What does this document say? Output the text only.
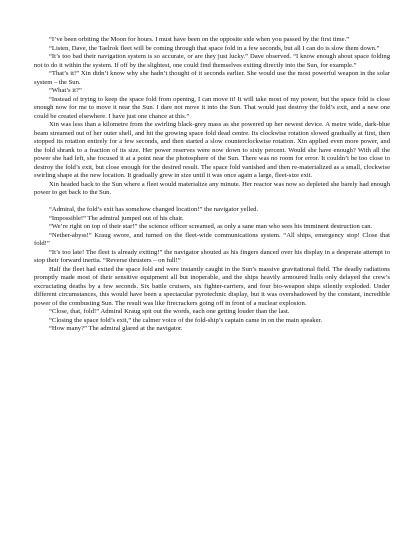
“I’ve been orbiting the Moon for hours. I must have been on the opposite side when you passed by the first time.”

“Listen, Dave, the Taelrok fleet will be coming through that space fold in a few seconds, but all I can do is slow them down.”

“It’s too bad their navigation system is so accurate, or are they just lucky.” Dave observed. “I know enough about space folding not to do it within the system. If off by the slightest, one could find themselves exiting directly into the Sun, for example.”

“That’s it!” Xin didn’t know why she hadn’t thought of it seconds earlier. She would use the most powerful weapon in the solar system – the Sun.

“What’s it?”

“Instead of trying to keep the space fold from opening, I can move it! It will take most of my power, but the space fold is close enough now for me to move it near the Sun. I dare not move it into the Sun. That would just destroy the fold’s exit, and a new one could be created elsewhere. I have just one chance at this.”

Xin was less than a kilometre from the swirling black-grey mass as she powered up her newest device. A metre wide, dark-blue beam streamed out of her outer shell, and hit the growing space fold dead centre. Its clockwise rotation slowed gradually at first, then stopped its rotation entirely for a few seconds, and then started a slow counterclockwise rotation. Xin applied even more power, and the fold shrank to a fraction of its size. Her power reserves were now down to sixty percent. Would she have enough? With all the power she had left, she focused it at a point near the photosphere of the Sun. There was no room for error. It couldn’t be too close to destroy the fold’s exit, but close enough for the desired result. The space fold vanished and then re-materialized as a small, clockwise swirling shape at the new location. It gradually grew in size until it was once again a large, fleet-size exit.

Xin headed back to the Sun where a fleet would materialize any minute. Her reactor was now so depleted she barely had enough power to get back to the Sun.

“Admiral, the fold’s exit has somehow changed location!” the navigator yelled.

“Impossible!” The admiral jumped out of his chair.

“We’re right on top of their star!” the science officer screamed, as only a sane man who sees his imminent destruction can.

“Nether-abyss!” Kraug swore, and turned on the fleet-wide communications system. “All ships, emergency stop! Close that fold!”

“It’s too late! The fleet is already exiting!” the navigator shouted as his fingers danced over his display in a desperate attempt to stop their forward inertia. “Reverse thrusters – on full!”

Half the fleet had exited the space fold and were instantly caught in the Sun’s massive gravitational field. The deadly radiations promptly made most of their sensitive equipment all but inoperable, and the ships heavily armoured hulls only delayed the crew’s excruciating deaths by a few seconds. Six battle cruisers, six fighter-carriers, and four bio-weapon ships silently exploded. Under different circumstances, this would have been a spectacular pyrotechnic display, but it was overshadowed by the constant, incredible power of the combusting Sun. The result was like firecrackers going off in front of a nuclear explosion.

“Close, that, fold!” Admiral Kraug spit out the words, each one getting louder than the last.

“Closing the space fold’s exit,” the calmer voice of the fold-ship’s captain came in on the main speaker.

“How many?” The admiral glared at the navigator.
